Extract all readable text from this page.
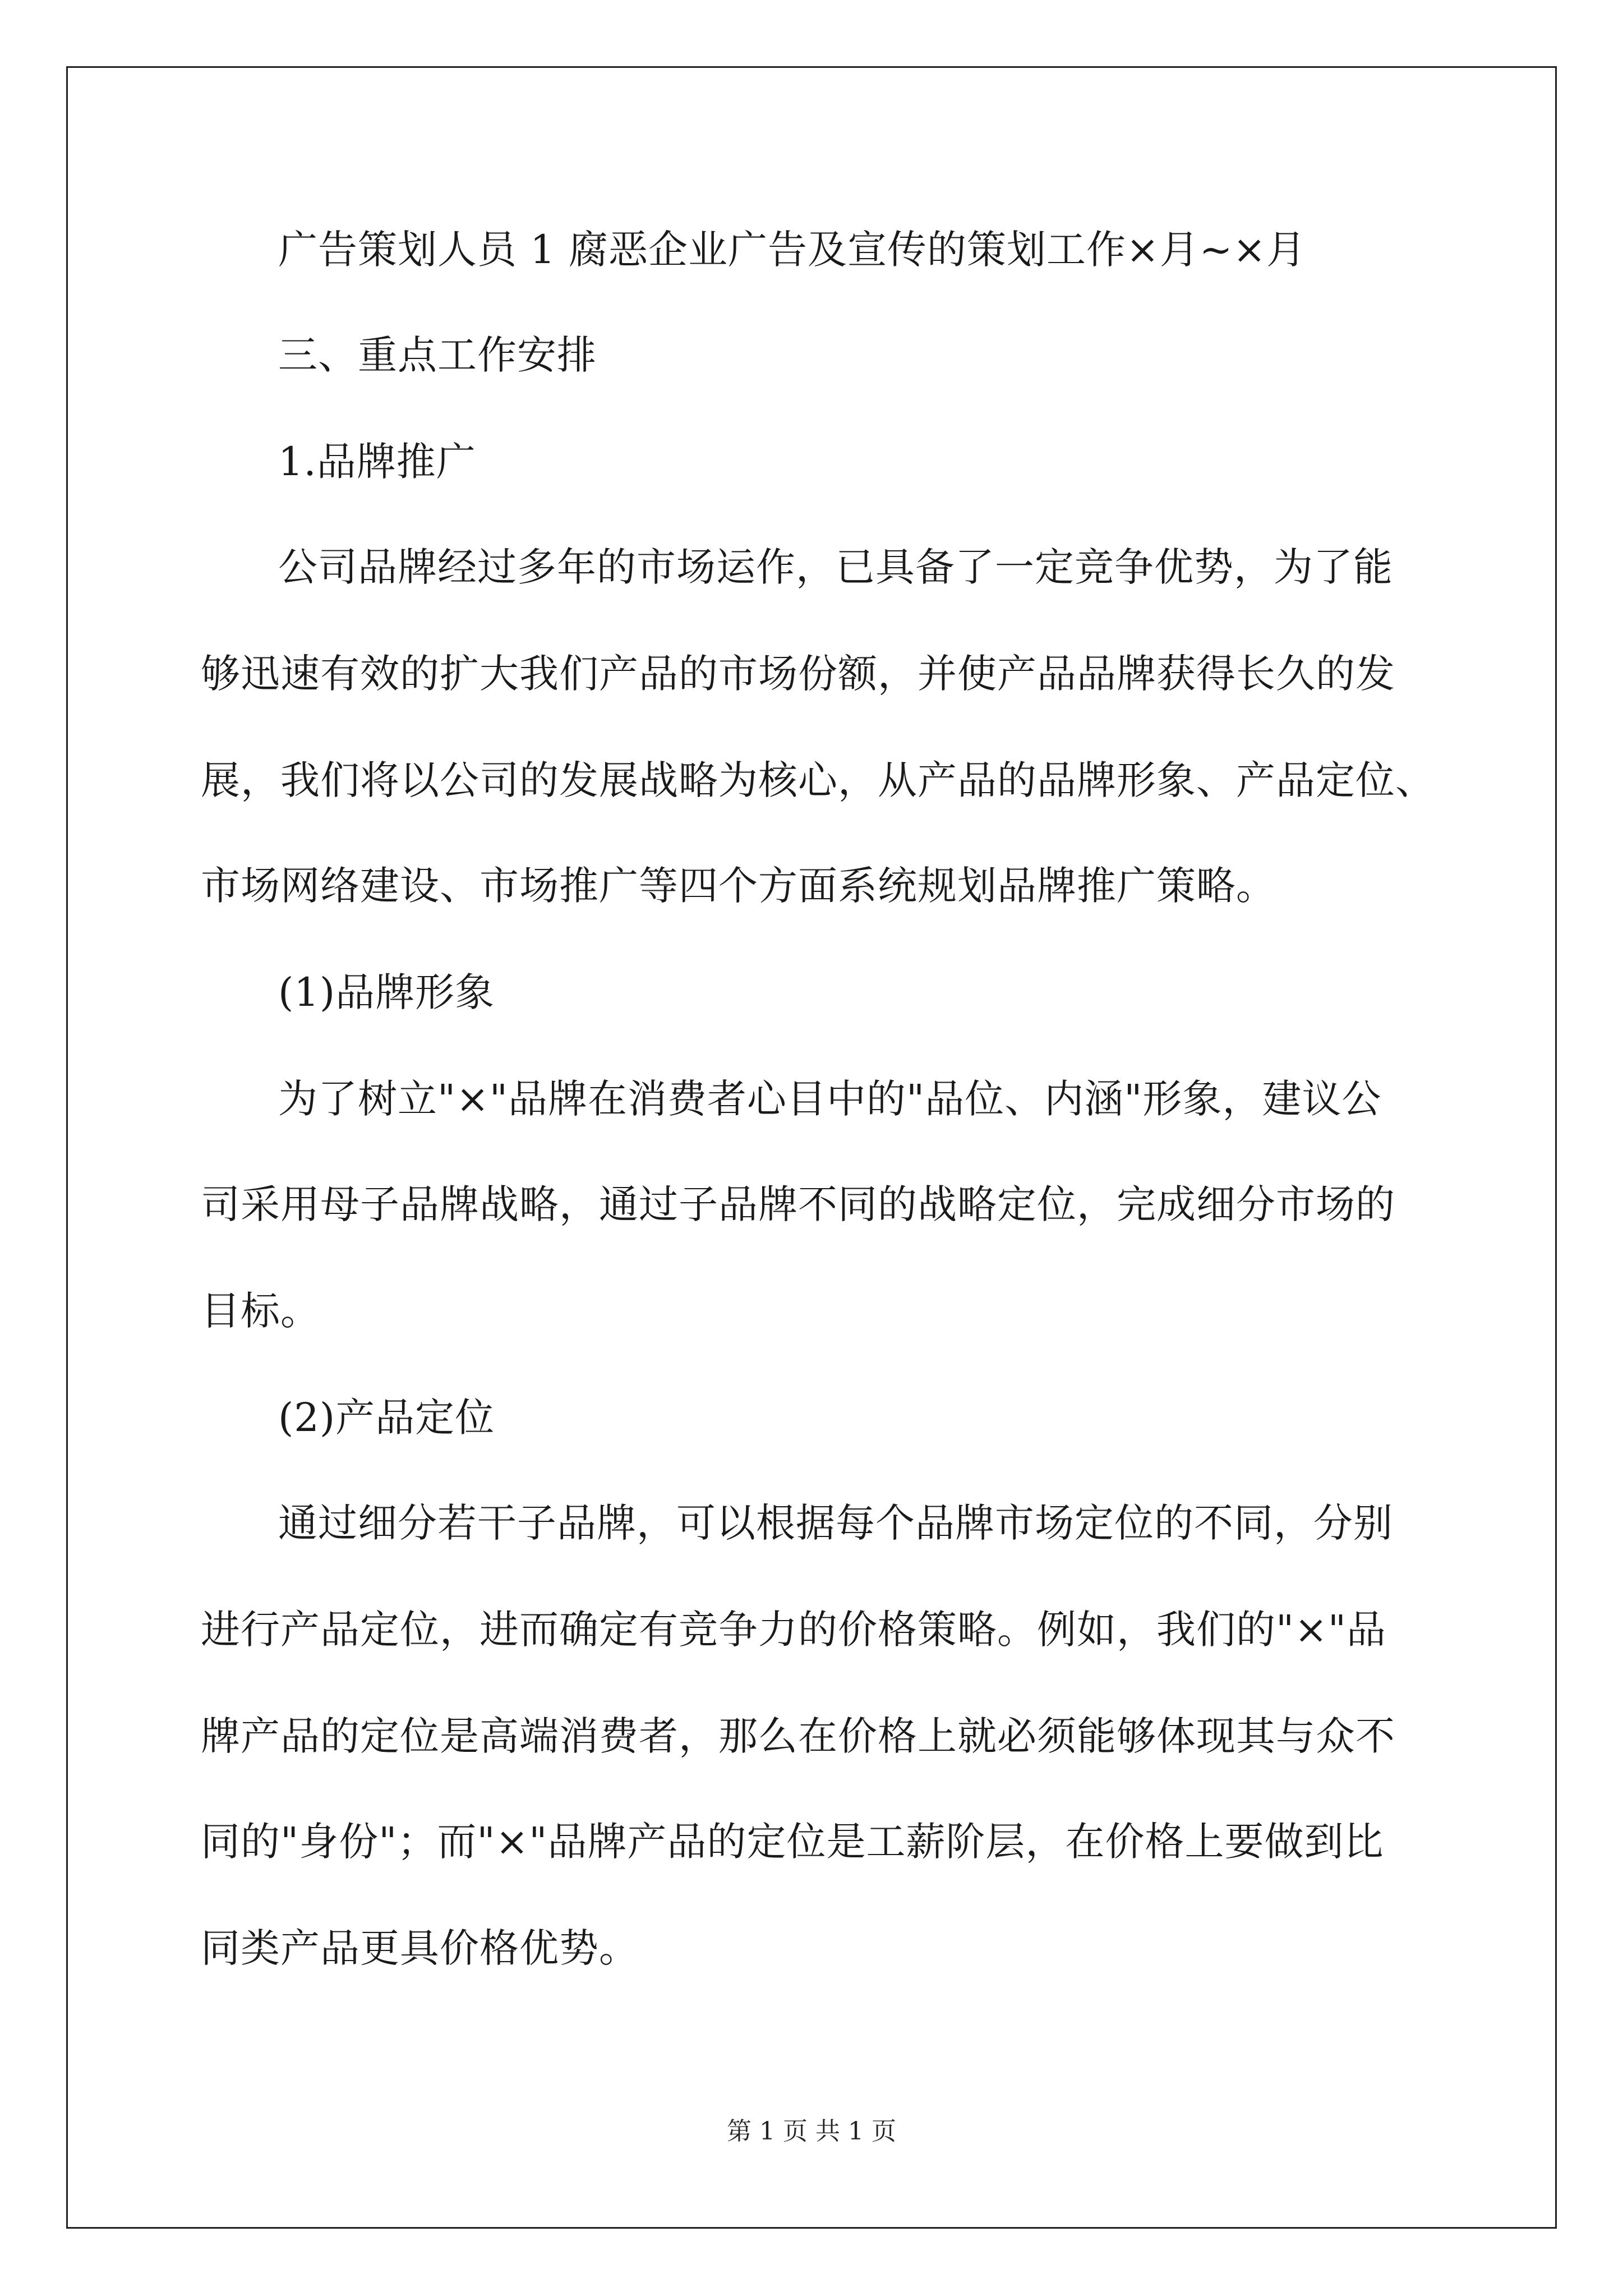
广告策划人员 1 腐恶企业广告及宣传的策划工作×月~×月
三、重点工作安排
1.品牌推广
公司品牌经过多年的市场运作，已具备了一定竞争优势，为了能
够迅速有效的扩大我们产品的市场份额，并使产品品牌获得长久的发
展，我们将以公司的发展战略为核心，从产品的品牌形象、产品定位、
市场网络建设、市场推广等四个方面系统规划品牌推广策略。
(1)品牌形象
为了树立"×"品牌在消费者心目中的"品位、内涵"形象，建议公
司采用母子品牌战略，通过子品牌不同的战略定位，完成细分市场的
目标。
(2)产品定位
通过细分若干子品牌，可以根据每个品牌市场定位的不同，分别
进行产品定位，进而确定有竞争力的价格策略。例如，我们的"×"品
牌产品的定位是高端消费者，那么在价格上就必须能够体现其与众不
同的"身份"；而"×"品牌产品的定位是工薪阶层，在价格上要做到比
同类产品更具价格优势。
第 1 页 共 1 页
